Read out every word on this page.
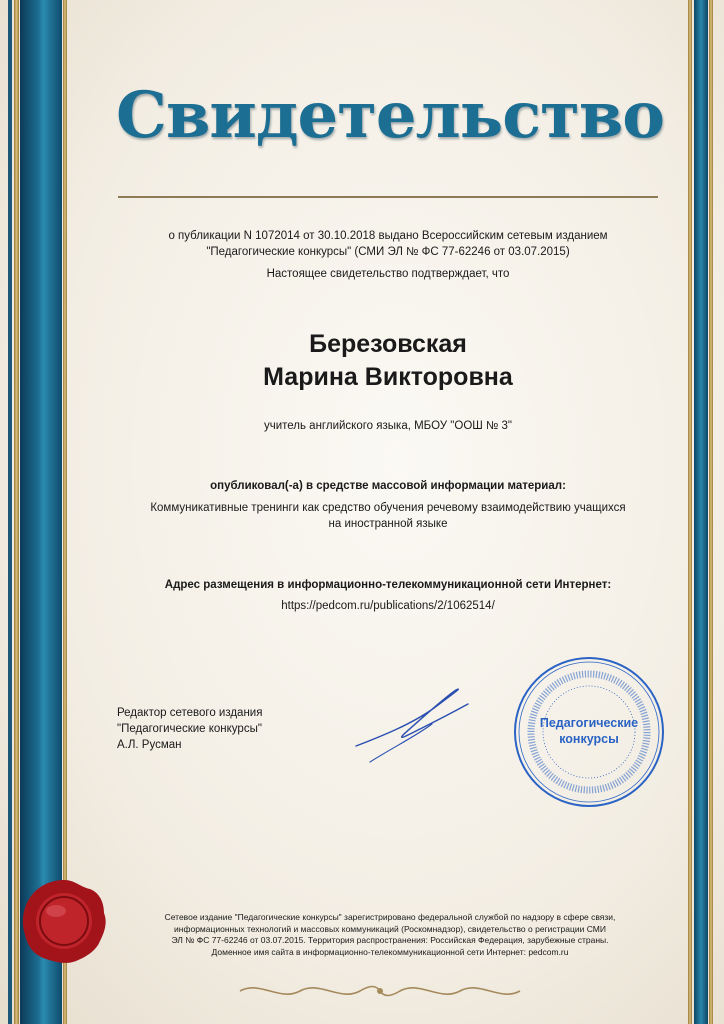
Свидетельство
о публикации N 1072014 от 30.10.2018 выдано Всероссийским сетевым изданием
"Педагогические конкурсы" (СМИ ЭЛ № ФС 77-62246 от 03.07.2015)
Настоящее свидетельство подтверждает, что
Березовская
Марина Викторовна
учитель английского языка, МБОУ "ООШ № 3"
опубликовал(-а) в средстве массовой информации материал:
Коммуникативные тренинги как средство обучения речевому взаимодействию учащихся
на иностранной языке
Адрес размещения в информационно-телекоммуникационной сети Интернет:
https://pedcom.ru/publications/2/1062514/
Редактор сетевого издания
"Педагогические конкурсы"
А.Л. Русман
Педагогические
конкурсы
Сетевое издание "Педагогические конкурсы" зарегистрировано федеральной службой по надзору в сфере связи,
информационных технологий и массовых коммуникаций (Роскомнадзор), свидетельство о регистрации СМИ
ЭЛ № ФС 77-62246 от 03.07.2015. Территория распространения: Российская Федерация, зарубежные страны.
Доменное имя сайта в информационно-телекоммуникационной сети Интернет: pedcom.ru
